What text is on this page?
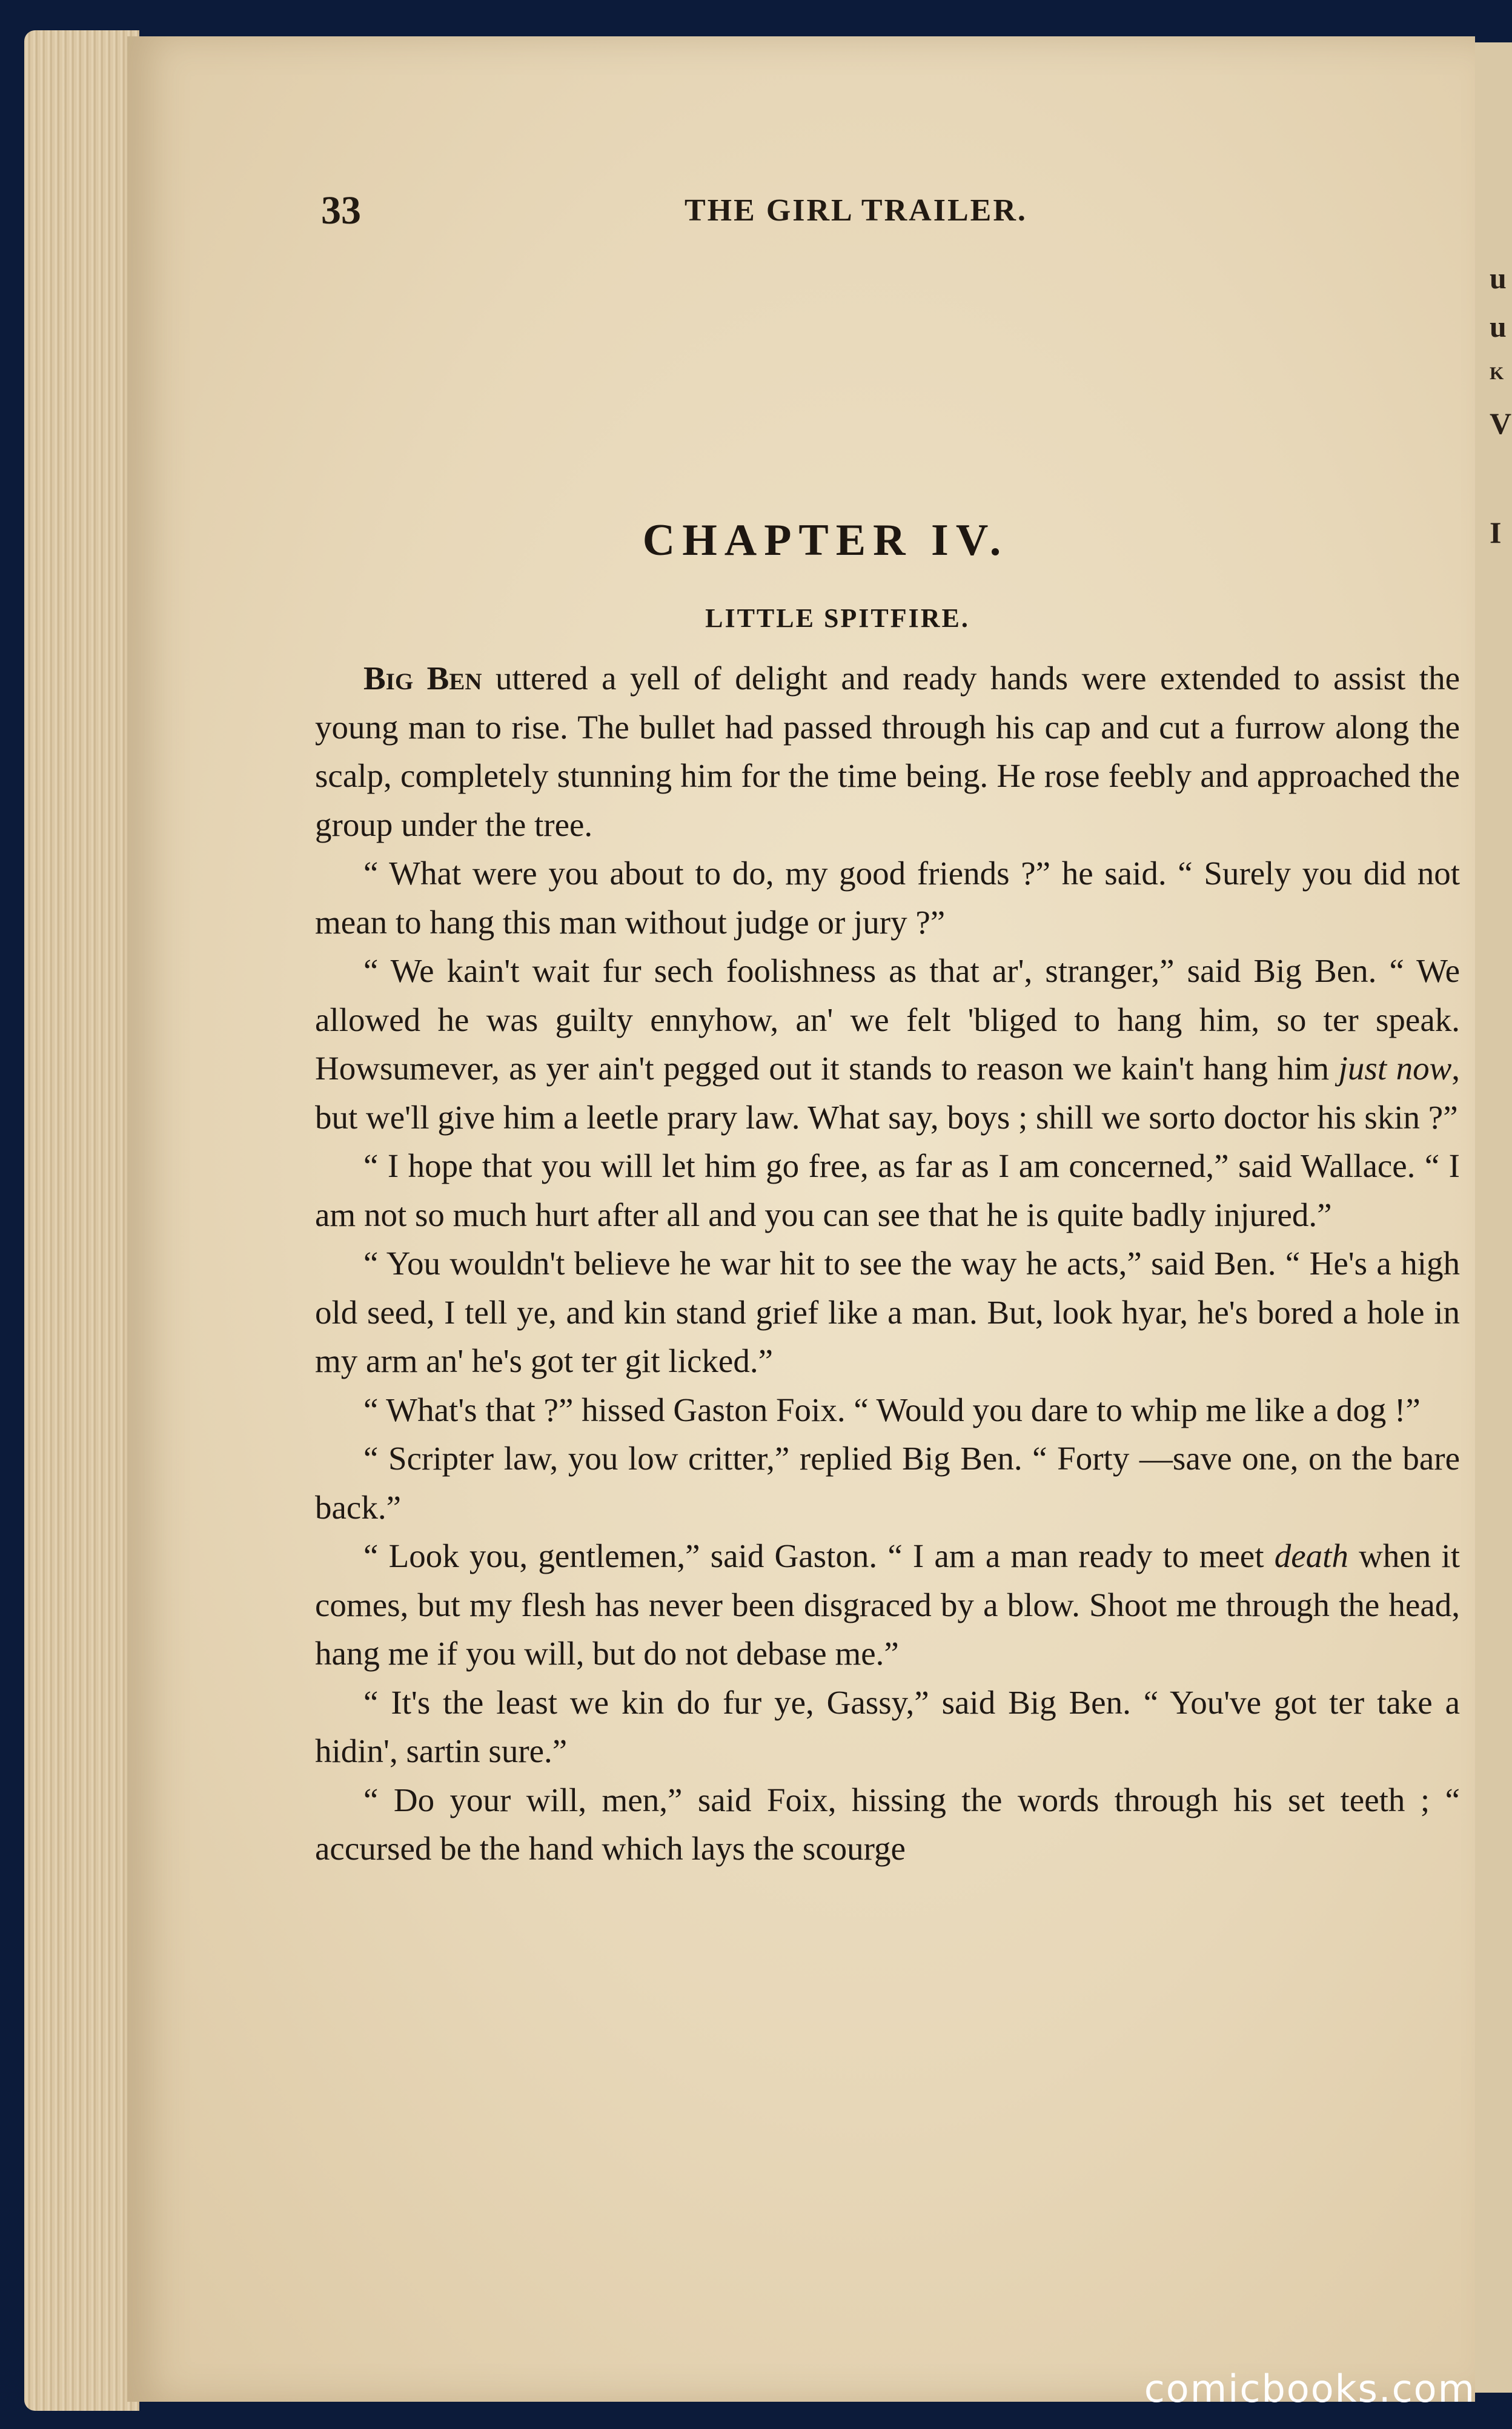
u
u
K
V
I
33	THE GIRL TRAILER.
CHAPTER IV.
LITTLE SPITFIRE.

Big Ben uttered a yell of delight and ready hands were extended to assist the young man to rise. The bullet had passed through his cap and cut a furrow along the scalp, completely stunning him for the time being. He rose feebly and approached the group under the tree.

“ What were you about to do, my good friends ?” he said. “ Surely you did not mean to hang this man without judge or jury ?”

“ We kain't wait fur sech foolishness as that ar', stranger,” said Big Ben. “ We allowed he was guilty ennyhow, an' we felt 'bliged to hang him, so ter speak. Howsumever, as yer ain't pegged out it stands to reason we kain't hang him just now, but we'll give him a leetle prary law. What say, boys ; shill we sorto doctor his skin ?”

“ I hope that you will let him go free, as far as I am concerned,” said Wallace. “ I am not so much hurt after all and you can see that he is quite badly injured.”

“ You wouldn't believe he war hit to see the way he acts,” said Ben. “ He's a high old seed, I tell ye, and kin stand grief like a man. But, look hyar, he's bored a hole in my arm an' he's got ter git licked.”

“ What's that ?” hissed Gaston Foix. “ Would you dare to whip me like a dog !”

“ Scripter law, you low critter,” replied Big Ben. “ Forty —save one, on the bare back.”

“ Look you, gentlemen,” said Gaston. “ I am a man ready to meet death when it comes, but my flesh has never been disgraced by a blow. Shoot me through the head, hang me if you will, but do not debase me.”

“ It's the least we kin do fur ye, Gassy,” said Big Ben. “ You've got ter take a hidin', sartin sure.”

“ Do your will, men,” said Foix, hissing the words through his set teeth ; “ accursed be the hand which lays the scourge

comicbooks.com
